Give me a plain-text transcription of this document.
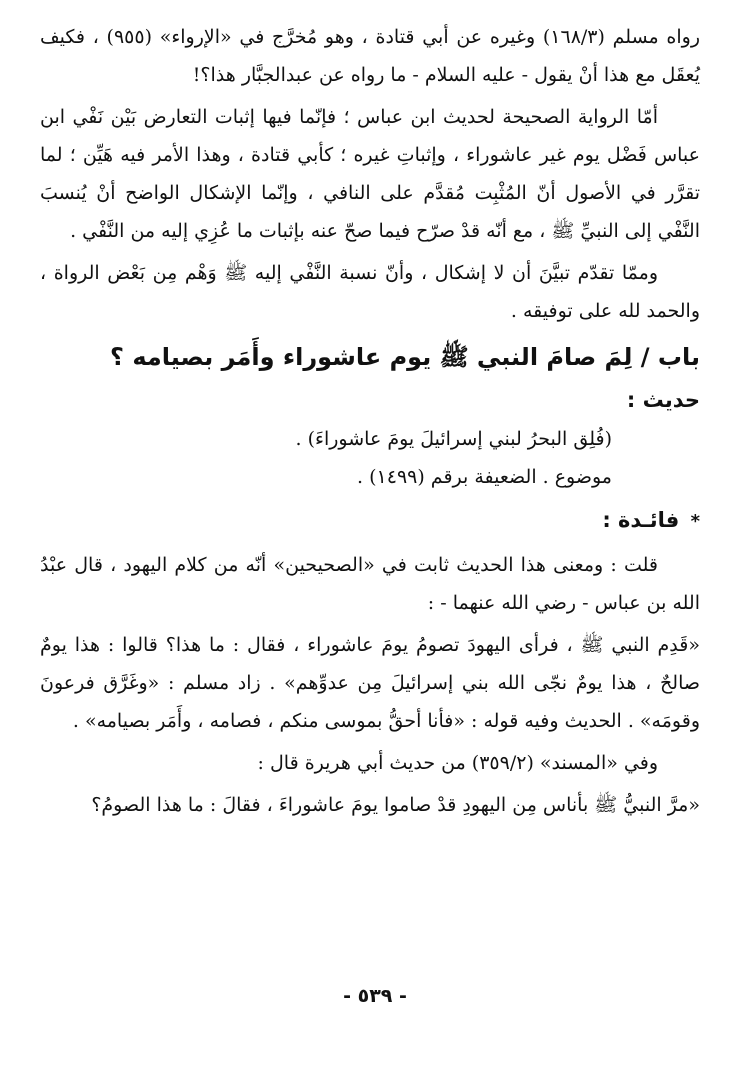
رواه مسلم (١٦٨/٣) وغيره عن أبي قتادة ، وهو مُخرَّج في «الإرواء» (٩٥٥) ، فكيف يُعقَل مع هذا أنْ يقول - عليه السلام - ما رواه عن عبدالجبَّار هذا؟!

أمّا الرواية الصحيحة لحديث ابن عباس ؛ فإنّما فيها إثبات التعارض بَيْن نَفْي ابن عباس فَضْل يوم غير عاشوراء ، وإثباتِ غيره ؛ كأبي قتادة ، وهذا الأمر فيه هَيِّن ؛ لما تقرَّر في الأصول أنّ المُثْبِت مُقدَّم على النافي ، وإنّما الإشكال الواضح أنْ يُنسبَ النَّفْي إلى النبيِّ ﷺ ، مع أنّه قدْ صرّح فيما صحّ عنه بإثبات ما عُزِي إليه من النَّفْي .

وممّا تقدّم تبيَّنَ أن لا إشكال ، وأنّ نسبة النَّفْي إليه ﷺ وَهْم مِن بَعْض الرواة ، والحمد لله على توفيقه .

باب / لِمَ صامَ النبي ﷺ يوم عاشوراء وأَمَر بصيامه ؟

حديث :

(فُلِق البحرُ لبني إسرائيلَ يومَ عاشوراءَ) .

موضوع . الضعيفة برقم (١٤٩٩) .

* فائـدة :

قلت : ومعنى هذا الحديث ثابت في «الصحيحين» أنّه من كلام اليهود ، قال عبْدُ الله بن عباس - رضي الله عنهما - :

«قَدِم النبي ﷺ ، فرأى اليهودَ تصومُ يومَ عاشوراء ، فقال : ما هذا؟ قالوا : هذا يومٌ صالحٌ ، هذا يومٌ نجّى الله بني إسرائيلَ مِن عدوِّهم» . زاد مسلم : «وغَرَّق فرعونَ وقومَه» . الحديث وفيه قوله : «فأنا أحقُّ بموسى منكم ، فصامه ، وأَمَر بصيامه» .

وفي «المسند» (٣٥٩/٢) من حديث أبي هريرة قال :

«مرَّ النبيُّ ﷺ بأناس مِن اليهودِ قدْ صاموا يومَ عاشوراءَ ، فقالَ : ما هذا الصومُ؟

- ٥٣٩ -
